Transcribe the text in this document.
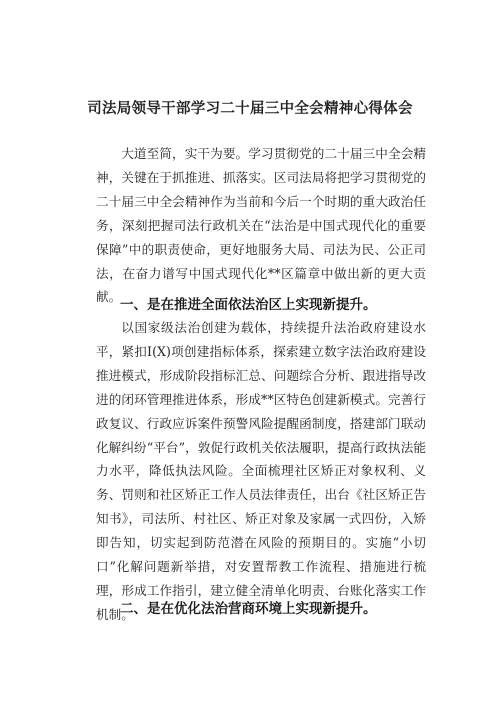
司法局领导干部学习二十届三中全会精神心得体会

大道至简，实干为要。学习贯彻党的二十届三中全会精神，关键在于抓推进、抓落实。区司法局将把学习贯彻党的二十届三中全会精神作为当前和今后一个时期的重大政治任务，深刻把握司法行政机关在“法治是中国式现代化的重要保障”中的职责使命，更好地服务大局、司法为民、公正司法，在奋力谱写中国式现代化**区篇章中做出新的更大贡献。

一、是在推进全面依法治区上实现新提升。

以国家级法治创建为载体，持续提升法治政府建设水平，紧扣Ⅰ(X)项创建指标体系，探索建立数字法治政府建设推进模式，形成阶段指标汇总、问题综合分析、跟进指导改进的闭环管理推进体系，形成**区特色创建新模式。完善行政复议、行政应诉案件预警风险提醒函制度，搭建部门联动化解纠纷“平台”，敦促行政机关依法履职，提高行政执法能力水平，降低执法风险。全面梳理社区矫正对象权利、义务、罚则和社区矫正工作人员法律责任，出台《社区矫正告知书》，司法所、村社区、矫正对象及家属一式四份，入矫即告知，切实起到防范潜在风险的预期目的。实施“小切口”化解问题新举措，对安置帮教工作流程、措施进行梳理，形成工作指引，建立健全清单化明责、台账化落实工作机制。

二、是在优化法治营商环境上实现新提升。
